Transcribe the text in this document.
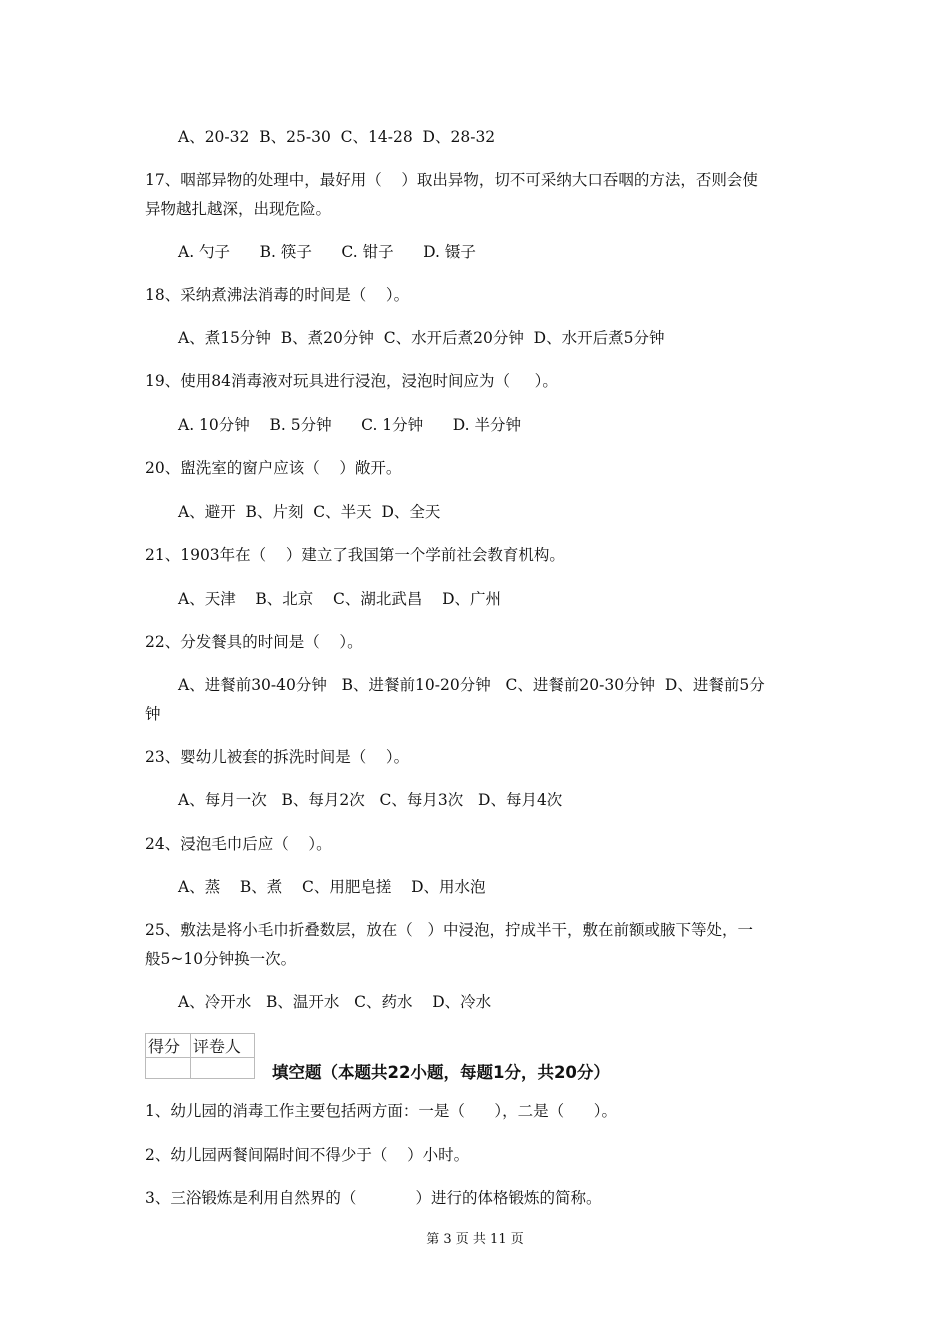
A、20-32  B、25-30  C、14-28  D、28-32
17、咽部异物的处理中，最好用（    ）取出异物，切不可采纳大口吞咽的方法，否则会使
异物越扎越深，出现危险。
A. 勺子      B. 筷子      C. 钳子      D. 镊子
18、采纳煮沸法消毒的时间是（    ）。
A、煮15分钟  B、煮20分钟  C、水开后煮20分钟  D、水开后煮5分钟
19、使用84消毒液对玩具进行浸泡，浸泡时间应为（     ）。
A. 10分钟    B. 5分钟      C. 1分钟      D. 半分钟
20、盥洗室的窗户应该（    ）敞开。
A、避开  B、片刻  C、半天  D、全天
21、1903年在（    ）建立了我国第一个学前社会教育机构。
A、天津    B、北京    C、湖北武昌    D、广州
22、分发餐具的时间是（    ）。
A、进餐前30-40分钟   B、进餐前10-20分钟   C、进餐前20-30分钟  D、进餐前5分
钟
23、婴幼儿被套的拆洗时间是（    ）。
A、每月一次   B、每月2次   C、每月3次   D、每月4次
24、浸泡毛巾后应（    ）。
A、蒸    B、煮    C、用肥皂搓    D、用水泡
25、敷法是将小毛巾折叠数层，放在（   ）中浸泡，拧成半干，敷在前额或腋下等处，一
般5~10分钟换一次。
A、冷开水   B、温开水   C、药水    D、冷水
得分	评卷人

填空题（本题共22小题，每题1分，共20分）
1、幼儿园的消毒工作主要包括两方面：一是（      ），二是（      ）。
2、幼儿园两餐间隔时间不得少于（    ）小时。
3、三浴锻炼是利用自然界的（            ）进行的体格锻炼的简称。
第 3 页 共 11 页
